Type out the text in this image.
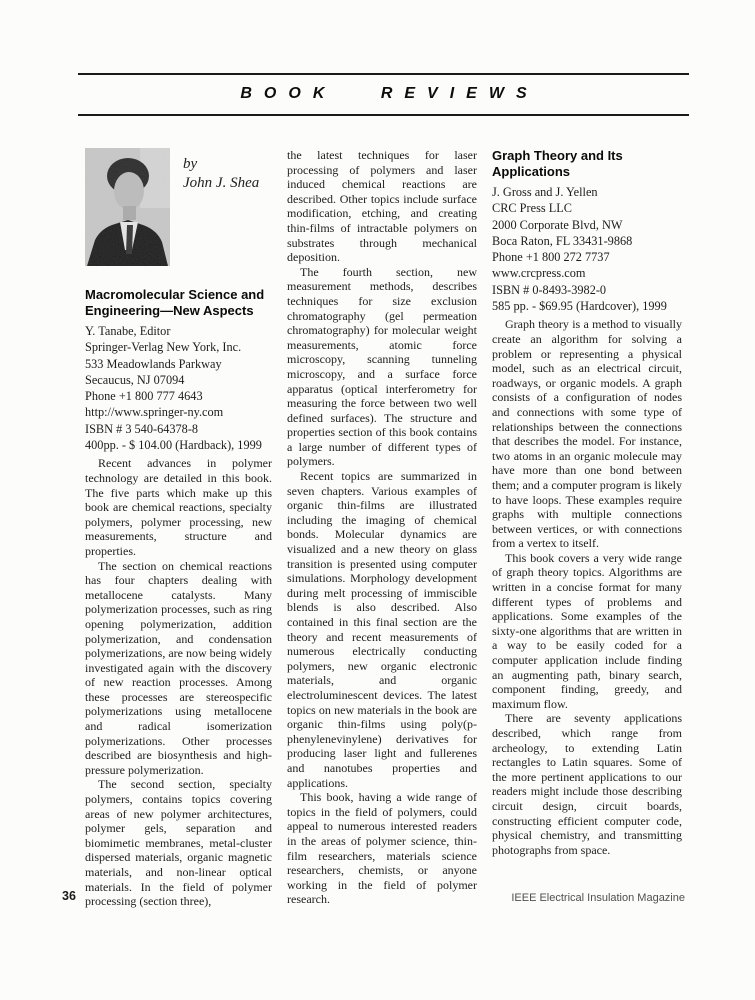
BOOK REVIEWS
by
John J. Shea
Macromolecular Science and Engineering—New Aspects
Y. Tanabe, Editor
Springer-Verlag New York, Inc.
533 Meadowlands Parkway
Secaucus, NJ 07094
Phone +1 800 777 4643
http://www.springer-ny.com
ISBN # 3 540-64378-8
400pp. - $ 104.00 (Hardback), 1999

Recent advances in polymer technology are detailed in this book. The five parts which make up this book are chemical reactions, specialty polymers, polymer processing, new measurements, structure and properties.

The section on chemical reactions has four chapters dealing with metallocene catalysts. Many polymerization processes, such as ring opening polymerization, addition polymerization, and condensation polymerizations, are now being widely investigated again with the discovery of new reaction processes. Among these processes are stereospecific polymerizations using metallocene and radical isomerization polymerizations. Other processes described are biosynthesis and high-pressure polymerization.

The second section, specialty polymers, contains topics covering areas of new polymer architectures, polymer gels, separation and biomimetic membranes, metal-cluster dispersed materials, organic magnetic materials, and non-linear optical materials. In the field of polymer processing (section three),

the latest techniques for laser processing of polymers and laser induced chemical reactions are described. Other topics include surface modification, etching, and creating thin-films of intractable polymers on substrates through mechanical deposition.

The fourth section, new measurement methods, describes techniques for size exclusion chromatography (gel permeation chromatography) for molecular weight measurements, atomic force microscopy, scanning tunneling microscopy, and a surface force apparatus (optical interferometry for measuring the force between two well defined surfaces). The structure and properties section of this book contains a large number of different types of polymers.

Recent topics are summarized in seven chapters. Various examples of organic thin-films are illustrated including the imaging of chemical bonds. Molecular dynamics are visualized and a new theory on glass transition is presented using computer simulations. Morphology development during melt processing of immiscible blends is also described. Also contained in this final section are the theory and recent measurements of numerous electrically conducting polymers, new organic electronic materials, and organic electroluminescent devices. The latest topics on new materials in the book are organic thin-films using poly(p-phenylenevinylene) derivatives for producing laser light and fullerenes and nanotubes properties and applications.

This book, having a wide range of topics in the field of polymers, could appeal to numerous interested readers in the areas of polymer science, thin-film researchers, materials science researchers, chemists, or anyone working in the field of polymer research.

Graph Theory and Its Applications
J. Gross and J. Yellen
CRC Press LLC
2000 Corporate Blvd, NW
Boca Raton, FL 33431-9868
Phone +1 800 272 7737
www.crcpress.com
ISBN # 0-8493-3982-0
585 pp. - $69.95 (Hardcover), 1999

Graph theory is a method to visually create an algorithm for solving a problem or representing a physical model, such as an electrical circuit, roadways, or organic models. A graph consists of a configuration of nodes and connections with some type of relationships between the connections that describes the model. For instance, two atoms in an organic molecule may have more than one bond between them; and a computer program is likely to have loops. These examples require graphs with multiple connections between vertices, or with connections from a vertex to itself.

This book covers a very wide range of graph theory topics. Algorithms are written in a concise format for many different types of problems and applications. Some examples of the sixty-one algorithms that are written in a way to be easily coded for a computer application include finding an augmenting path, binary search, component finding, greedy, and maximum flow.

There are seventy applications described, which range from archeology, to extending Latin rectangles to Latin squares. Some of the more pertinent applications to our readers might include those describing circuit design, circuit boards, constructing efficient computer code, physical chemistry, and transmitting photographs from space.

36	IEEE Electrical Insulation Magazine
